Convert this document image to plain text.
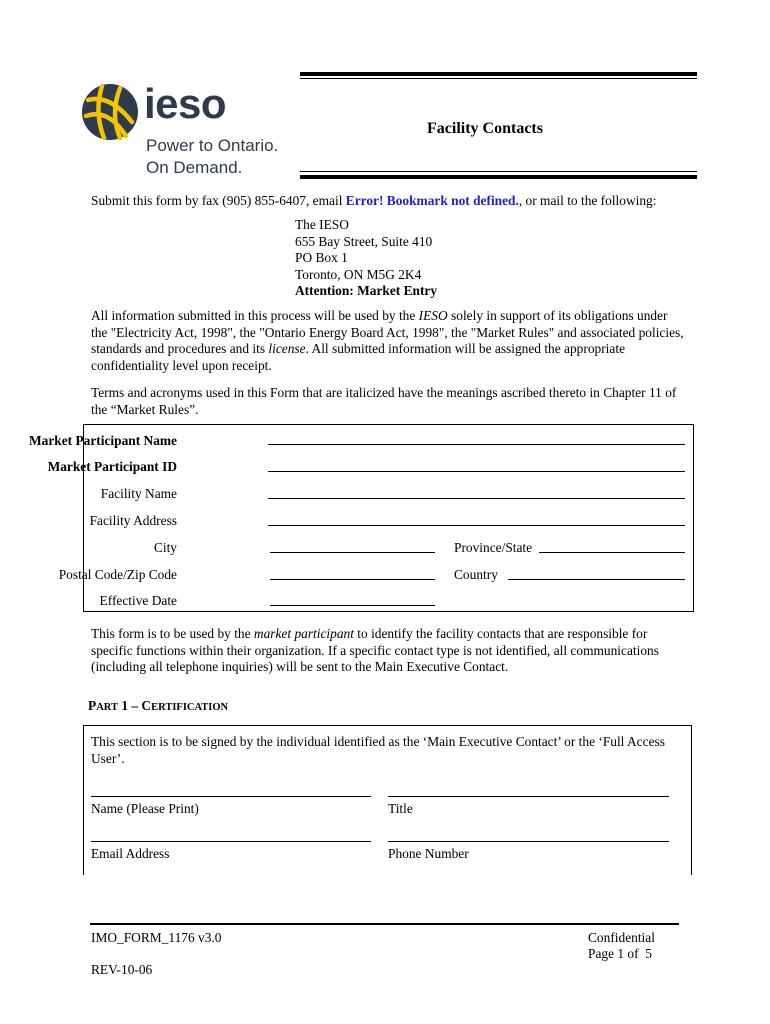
ieso
Power to Ontario.
On Demand.
Facility Contacts
Submit this form by fax (905) 855-6407, email Error! Bookmark not defined., or mail to the following:
The IESO
655 Bay Street, Suite 410
PO Box 1
Toronto, ON M5G 2K4
Attention: Market Entry
All information submitted in this process will be used by the IESO solely in support of its obligations under the "Electricity Act, 1998", the "Ontario Energy Board Act, 1998", the "Market Rules" and associated policies, standards and procedures and its license. All submitted information will be assigned the appropriate confidentiality level upon receipt.
Terms and acronyms used in this Form that are italicized have the meanings ascribed thereto in Chapter 11 of the “Market Rules”.
Market Participant Name
Market Participant ID
Facility Name
Facility Address
City	Province/State
Postal Code/Zip Code	Country
Effective Date
This form is to be used by the market participant to identify the facility contacts that are responsible for specific functions within their organization. If a specific contact type is not identified, all communications (including all telephone inquiries) will be sent to the Main Executive Contact.
PART 1 – CERTIFICATION
This section is to be signed by the individual identified as the ‘Main Executive Contact’ or the ‘Full Access User’.
Name (Please Print)	Title
Email Address	Phone Number
IMO_FORM_1176 v3.0
REV-10-06
Confidential
Page 1 of  5
